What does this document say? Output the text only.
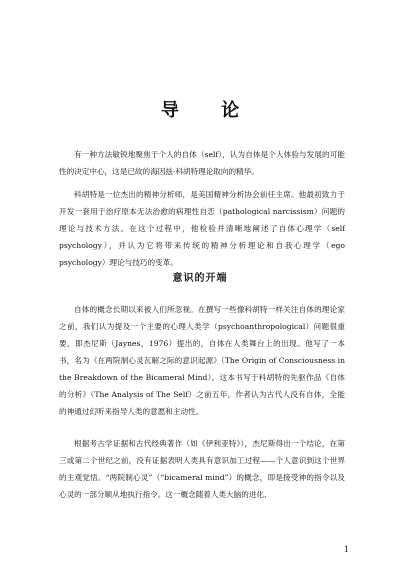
导 论

有一种方法敏锐地聚焦于个人的自体（self），认为自体是个人体验与发展的可能性的决定中心，这是已故的海因兹·科胡特理论取向的精华。

科胡特是一位杰出的精神分析师，是美国精神分析协会前任主席。他最初致力于开发一套用于治疗原本无法治愈的病理性自恋（pathological narcissism）问题的理论与技术方法。在这个过程中，他检验并清晰地阐述了自体心理学（self psychology），并认为它将带来传统的精神分析理论和自我心理学（ego psychology）理论与技巧的变革。

意识的开端

自体的概念长期以来被人们所忽视。在撰写一些像科胡特一样关注自体的理论家之前，我们认为提及一个主要的心理人类学（psychoanthropological）问题很重要，即杰尼斯（Jaynes，1976）提出的，自体在人类舞台上的出现。他写了一本书，名为《在两院制心灵瓦解之际的意识起源》（The Origin of Consciousness in the Breakdown of the Bicameral Mind）。这本书写于科胡特的先驱作品《自体的分析》（The Analysis of The Self）之前五年，作者认为古代人没有自体，全能的神通过幻听来指导人类的意愿和主动性。

根据考古学证据和古代经典著作（如《伊利亚特》），杰尼斯得出一个结论，在第三或第二个世纪之前，没有证据表明人类具有意识加工过程——个人意识到这个世界的主观觉悟。“两院制心灵”（“bicameral mind”）的概念，即是接受神的指令以及心灵的一部分顺从地执行指令。这一概念随着人类大脑的进化、

1
